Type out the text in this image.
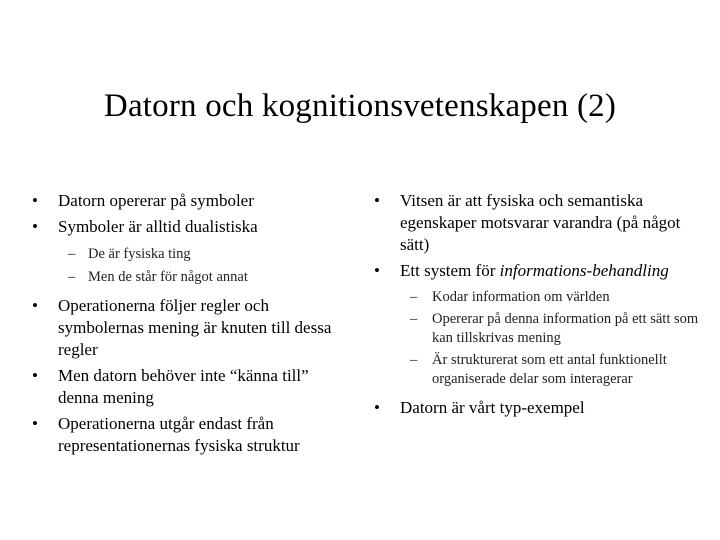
Datorn och kognitionsvetenskapen (2)
• Datorn opererar på symboler
• Symboler är alltid dualistiska
– De är fysiska ting
– Men de står för något annat
• Operationerna följer regler och symbolernas mening är knuten till dessa regler
• Men datorn behöver inte “känna till” denna mening
• Operationerna utgår endast från representationernas fysiska struktur
• Vitsen är att fysiska och semantiska egenskaper motsvarar varandra (på något sätt)
• Ett system för informations-behandling
– Kodar information om världen
– Opererar på denna information på ett sätt som kan tillskrivas mening
– Är strukturerat som ett antal funktionellt organiserade delar som interagerar
• Datorn är vårt typ-exempel
